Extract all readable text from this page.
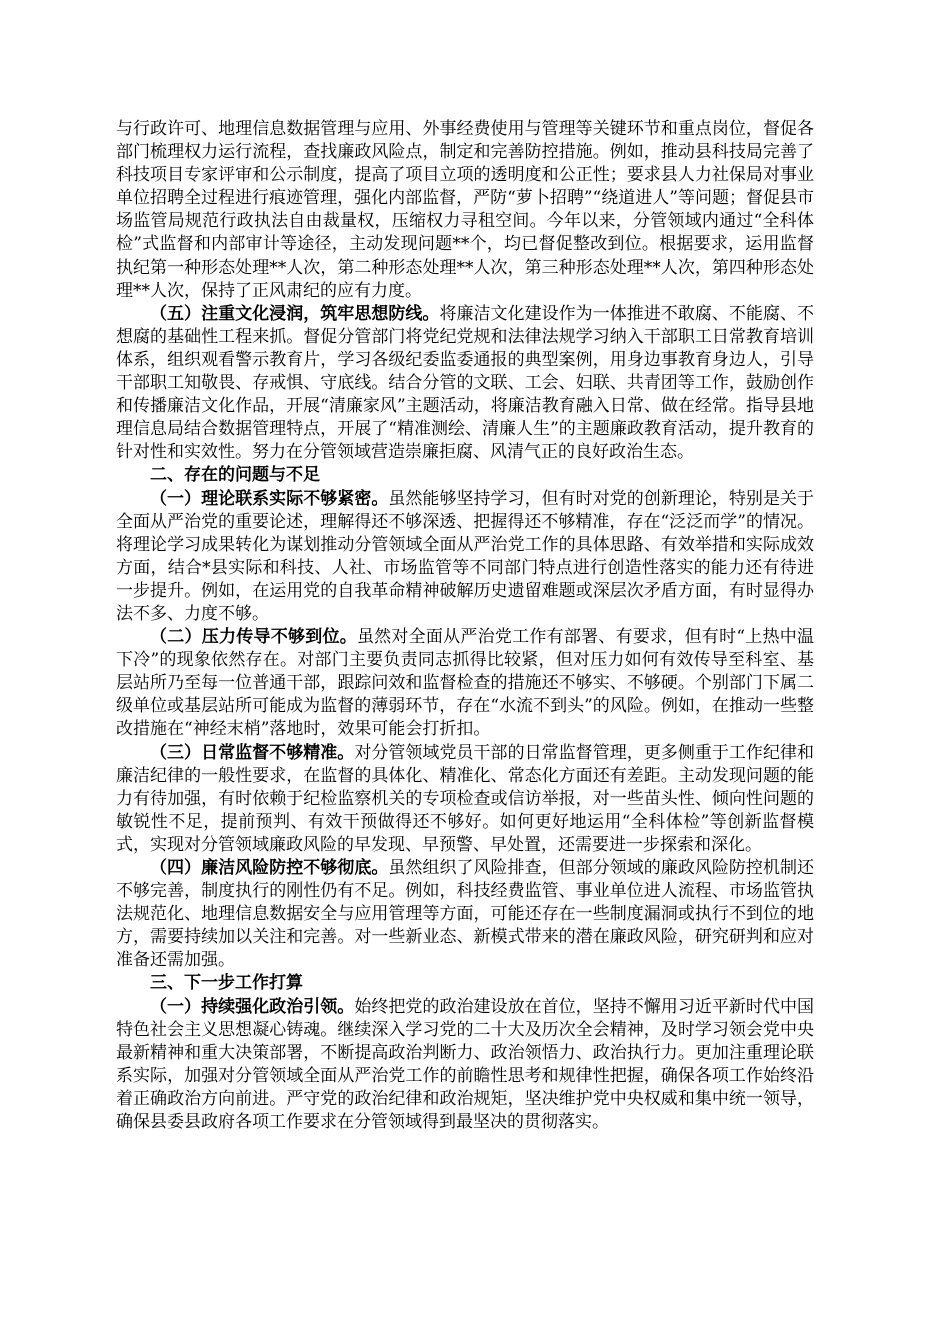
与行政许可、地理信息数据管理与应用、外事经费使用与管理等关键环节和重点岗位，督促各部门梳理权力运行流程，查找廉政风险点，制定和完善防控措施。例如，推动县科技局完善了科技项目专家评审和公示制度，提高了项目立项的透明度和公正性；要求县人力社保局对事业单位招聘全过程进行痕迹管理，强化内部监督，严防“萝卜招聘”“绕道进人”等问题；督促县市场监管局规范行政执法自由裁量权，压缩权力寻租空间。今年以来，分管领域内通过“全科体检”式监督和内部审计等途径，主动发现问题**个，均已督促整改到位。根据要求，运用监督执纪第一种形态处理**人次，第二种形态处理**人次，第三种形态处理**人次，第四种形态处理**人次，保持了正风肃纪的应有力度。

（五）注重文化浸润，筑牢思想防线。将廉洁文化建设作为一体推进不敢腐、不能腐、不想腐的基础性工程来抓。督促分管部门将党纪党规和法律法规学习纳入干部职工日常教育培训体系，组织观看警示教育片，学习各级纪委监委通报的典型案例，用身边事教育身边人，引导干部职工知敬畏、存戒惧、守底线。结合分管的文联、工会、妇联、共青团等工作，鼓励创作和传播廉洁文化作品，开展“清廉家风”主题活动，将廉洁教育融入日常、做在经常。指导县地理信息局结合数据管理特点，开展了“精准测绘、清廉人生”的主题廉政教育活动，提升教育的针对性和实效性。努力在分管领域营造崇廉拒腐、风清气正的良好政治生态。

二、存在的问题与不足

（一）理论联系实际不够紧密。虽然能够坚持学习，但有时对党的创新理论，特别是关于全面从严治党的重要论述，理解得还不够深透、把握得还不够精准，存在“泛泛而学”的情况。将理论学习成果转化为谋划推动分管领域全面从严治党工作的具体思路、有效举措和实际成效方面，结合*县实际和科技、人社、市场监管等不同部门特点进行创造性落实的能力还有待进一步提升。例如，在运用党的自我革命精神破解历史遗留难题或深层次矛盾方面，有时显得办法不多、力度不够。

（二）压力传导不够到位。虽然对全面从严治党工作有部署、有要求，但有时“上热中温下冷”的现象依然存在。对部门主要负责同志抓得比较紧，但对压力如何有效传导至科室、基层站所乃至每一位普通干部，跟踪问效和监督检查的措施还不够实、不够硬。个别部门下属二级单位或基层站所可能成为监督的薄弱环节，存在“水流不到头”的风险。例如，在推动一些整改措施在“神经末梢”落地时，效果可能会打折扣。

（三）日常监督不够精准。对分管领域党员干部的日常监督管理，更多侧重于工作纪律和廉洁纪律的一般性要求，在监督的具体化、精准化、常态化方面还有差距。主动发现问题的能力有待加强，有时依赖于纪检监察机关的专项检查或信访举报，对一些苗头性、倾向性问题的敏锐性不足，提前预判、有效干预做得还不够好。如何更好地运用“全科体检”等创新监督模式，实现对分管领域廉政风险的早发现、早预警、早处置，还需要进一步探索和深化。

（四）廉洁风险防控不够彻底。虽然组织了风险排查，但部分领域的廉政风险防控机制还不够完善，制度执行的刚性仍有不足。例如，科技经费监管、事业单位进人流程、市场监管执法规范化、地理信息数据安全与应用管理等方面，可能还存在一些制度漏洞或执行不到位的地方，需要持续加以关注和完善。对一些新业态、新模式带来的潜在廉政风险，研究研判和应对准备还需加强。

三、下一步工作打算

（一）持续强化政治引领。始终把党的政治建设放在首位，坚持不懈用习近平新时代中国特色社会主义思想凝心铸魂。继续深入学习党的二十大及历次全会精神，及时学习领会党中央最新精神和重大决策部署，不断提高政治判断力、政治领悟力、政治执行力。更加注重理论联系实际，加强对分管领域全面从严治党工作的前瞻性思考和规律性把握，确保各项工作始终沿着正确政治方向前进。严守党的政治纪律和政治规矩，坚决维护党中央权威和集中统一领导，确保县委县政府各项工作要求在分管领域得到最坚决的贯彻落实。
